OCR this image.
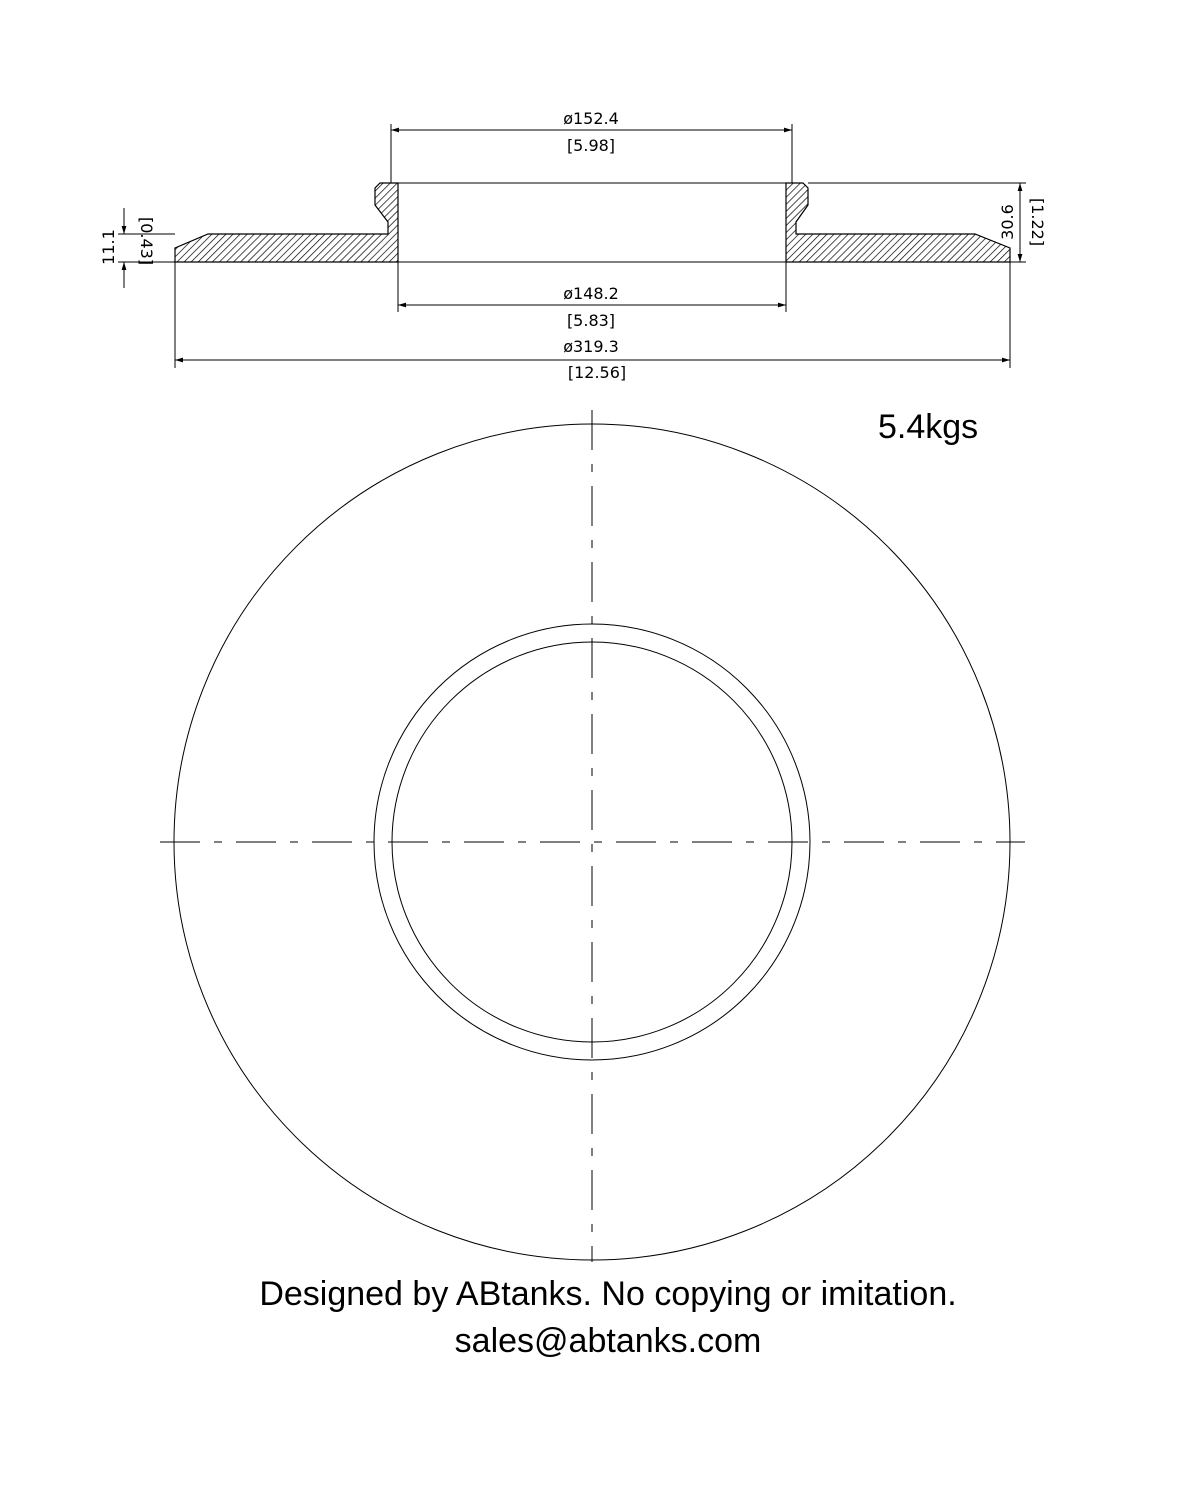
ø152.4
[5.98]
ø148.2
[5.83]
ø319.3
[12.56]
11.1 [0.43]	30.6 [1.22]
5.4kgs
Designed by ABtanks. No copying or imitation.
sales@abtanks.com
